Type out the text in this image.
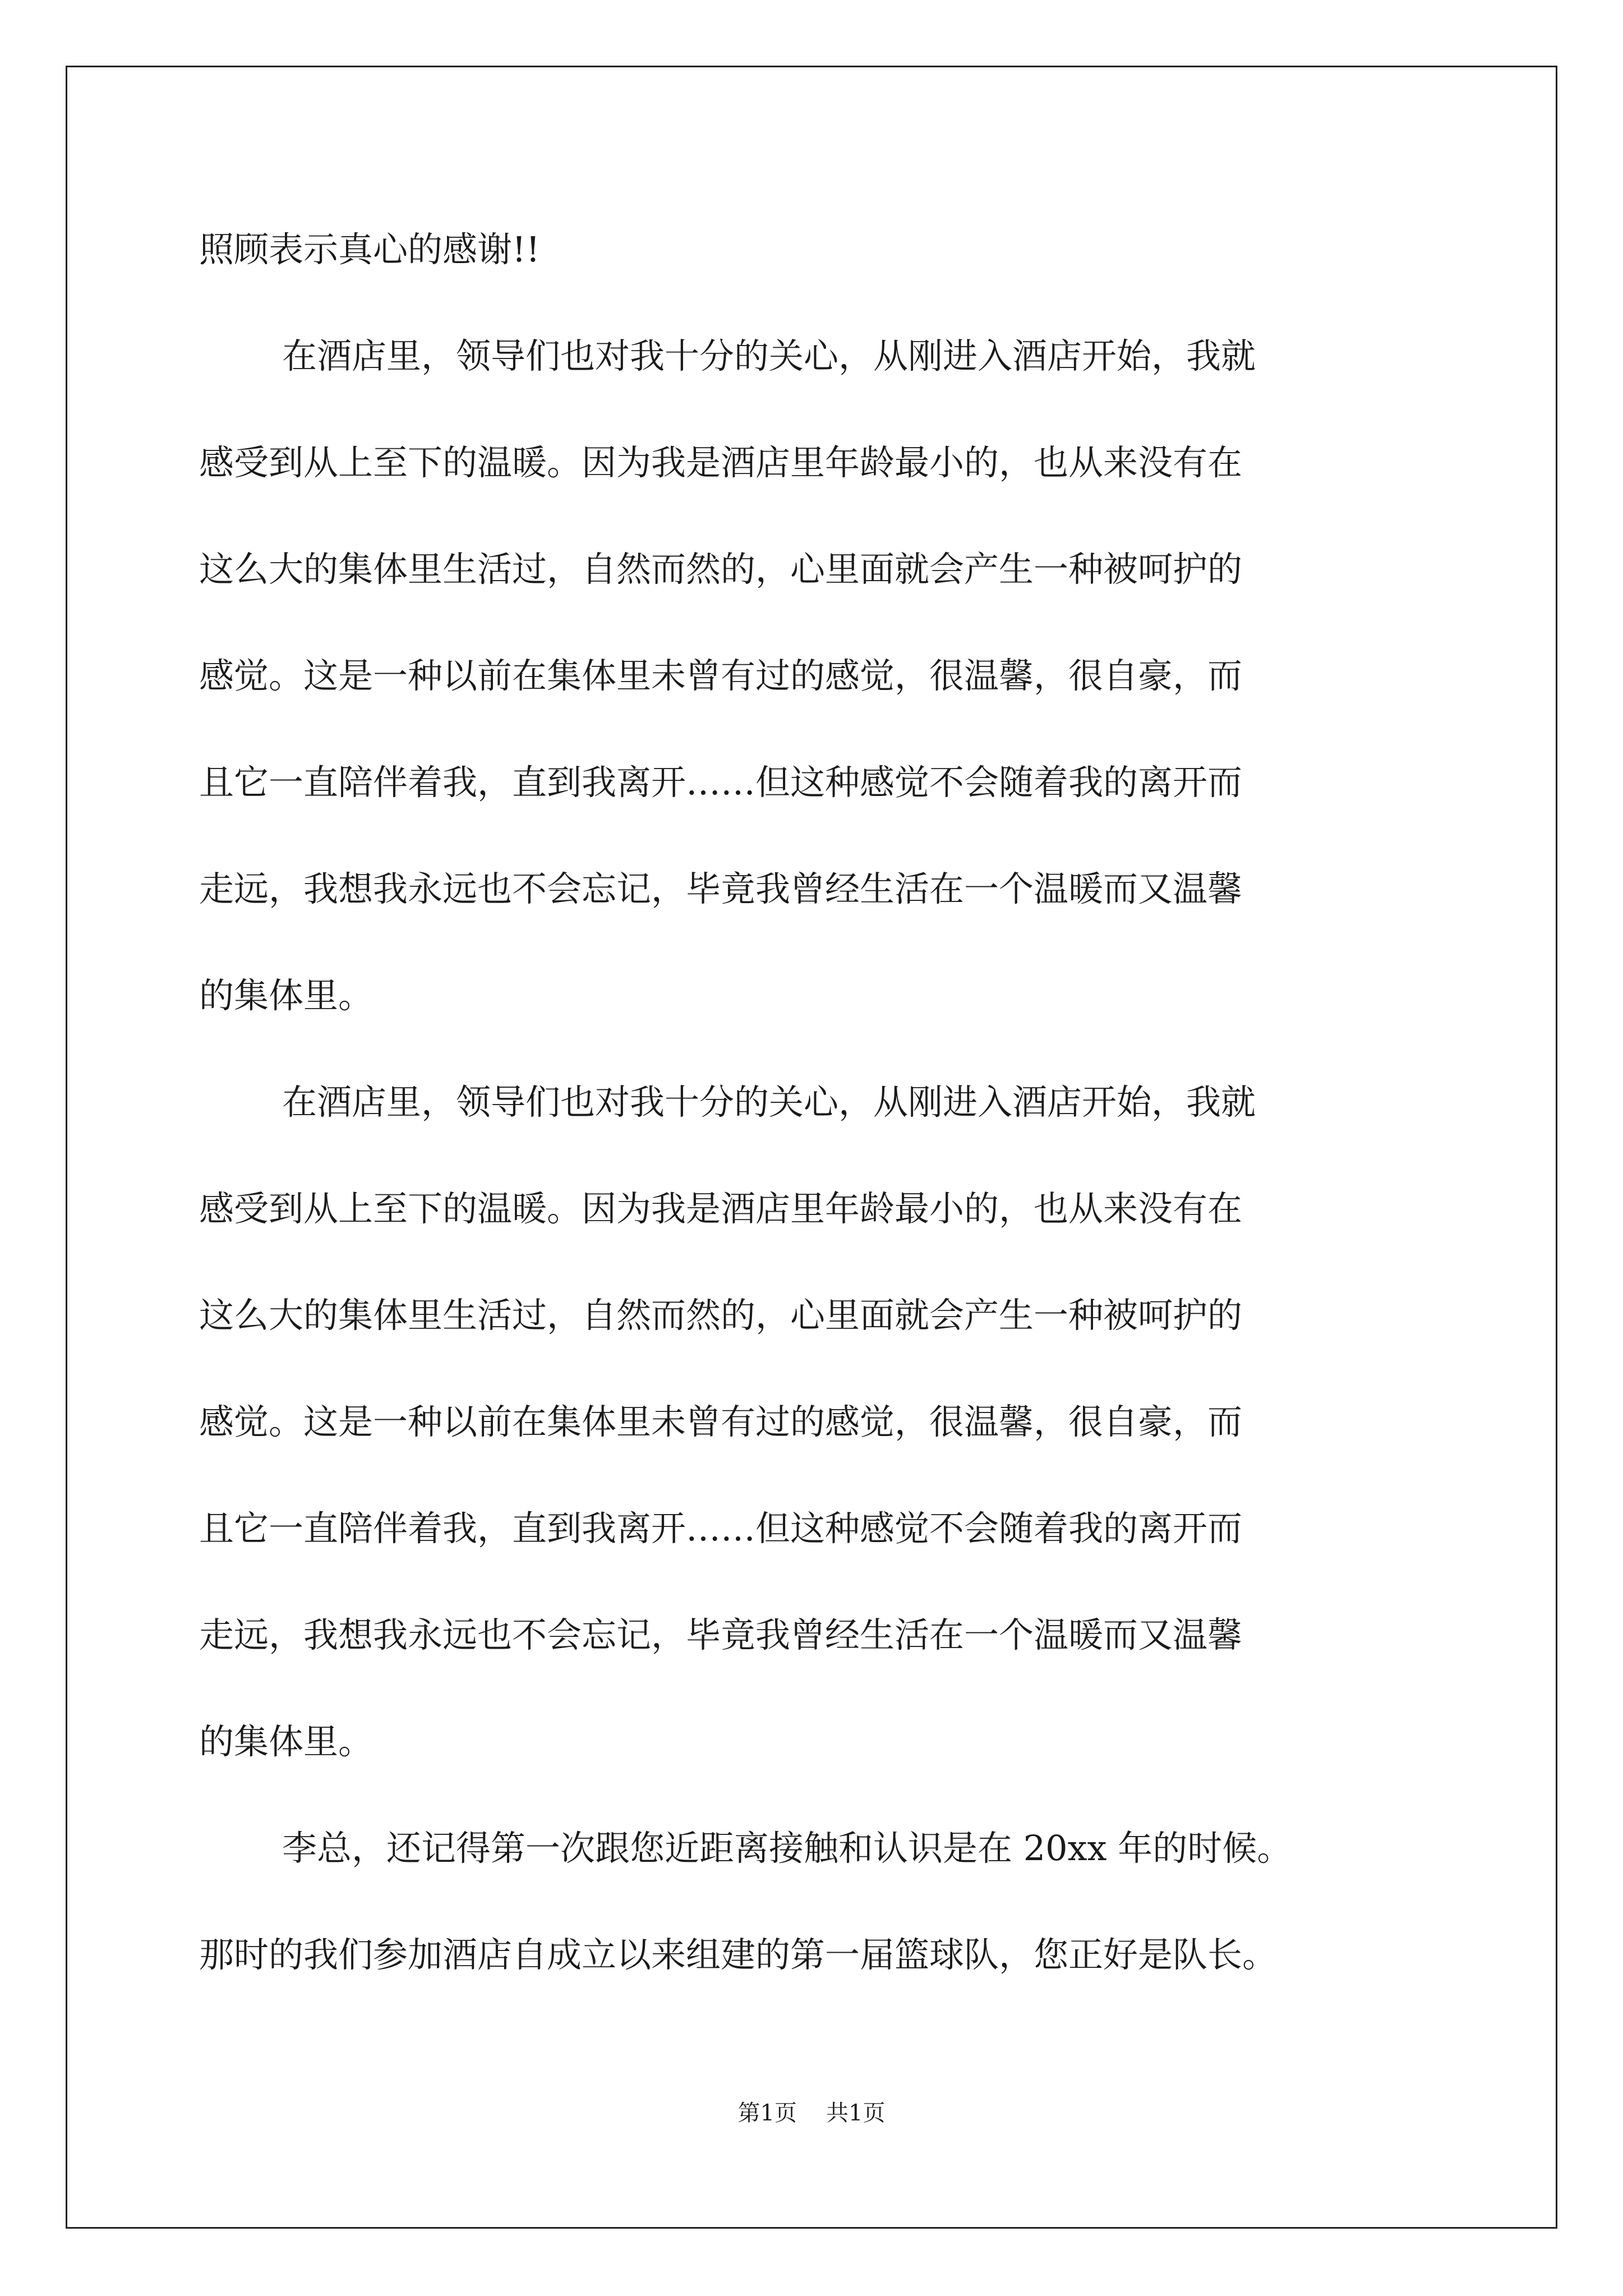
照顾表示真心的感谢!!
在酒店里，领导们也对我十分的关心，从刚进入酒店开始，我就
感受到从上至下的温暖。因为我是酒店里年龄最小的，也从来没有在
这么大的集体里生活过，自然而然的，心里面就会产生一种被呵护的
感觉。这是一种以前在集体里未曾有过的感觉，很温馨，很自豪，而
且它一直陪伴着我，直到我离开……但这种感觉不会随着我的离开而
走远，我想我永远也不会忘记，毕竟我曾经生活在一个温暖而又温馨
的集体里。
在酒店里，领导们也对我十分的关心，从刚进入酒店开始，我就
感受到从上至下的温暖。因为我是酒店里年龄最小的，也从来没有在
这么大的集体里生活过，自然而然的，心里面就会产生一种被呵护的
感觉。这是一种以前在集体里未曾有过的感觉，很温馨，很自豪，而
且它一直陪伴着我，直到我离开……但这种感觉不会随着我的离开而
走远，我想我永远也不会忘记，毕竟我曾经生活在一个温暖而又温馨
的集体里。
李总，还记得第一次跟您近距离接触和认识是在 20xx 年的时候。
那时的我们参加酒店自成立以来组建的第一届篮球队，您正好是队长。
第1页 共1页
